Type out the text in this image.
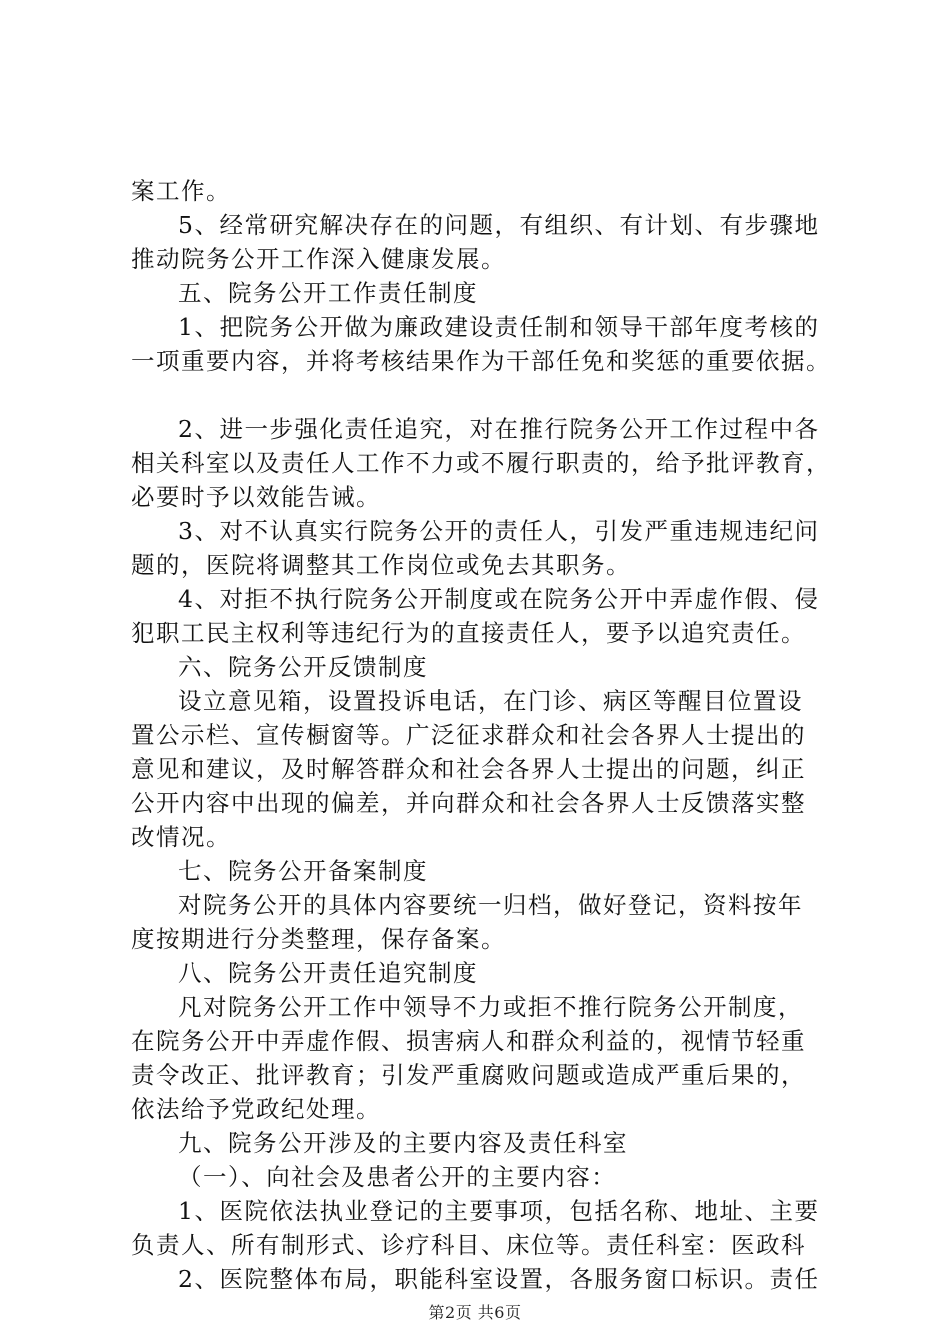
案工作。
5、经常研究解决存在的问题，有组织、有计划、有步骤地
推动院务公开工作深入健康发展。
五、院务公开工作责任制度
1、把院务公开做为廉政建设责任制和领导干部年度考核的
一项重要内容，并将考核结果作为干部任免和奖惩的重要依据。
2、进一步强化责任追究，对在推行院务公开工作过程中各
相关科室以及责任人工作不力或不履行职责的，给予批评教育，
必要时予以效能告诫。
3、对不认真实行院务公开的责任人，引发严重违规违纪问
题的，医院将调整其工作岗位或免去其职务。
4、对拒不执行院务公开制度或在院务公开中弄虚作假、侵
犯职工民主权利等违纪行为的直接责任人，要予以追究责任。
六、院务公开反馈制度
设立意见箱，设置投诉电话，在门诊、病区等醒目位置设
置公示栏、宣传橱窗等。广泛征求群众和社会各界人士提出的
意见和建议，及时解答群众和社会各界人士提出的问题，纠正
公开内容中出现的偏差，并向群众和社会各界人士反馈落实整
改情况。
七、院务公开备案制度
对院务公开的具体内容要统一归档，做好登记，资料按年
度按期进行分类整理，保存备案。
八、院务公开责任追究制度
凡对院务公开工作中领导不力或拒不推行院务公开制度，
在院务公开中弄虚作假、损害病人和群众利益的，视情节轻重
责令改正、批评教育；引发严重腐败问题或造成严重后果的，
依法给予党政纪处理。
九、院务公开涉及的主要内容及责任科室
（一）、向社会及患者公开的主要内容：
1、医院依法执业登记的主要事项，包括名称、地址、主要
负责人、所有制形式、诊疗科目、床位等。责任科室：医政科
2、医院整体布局，职能科室设置，各服务窗口标识。责任
第2页 共6页
